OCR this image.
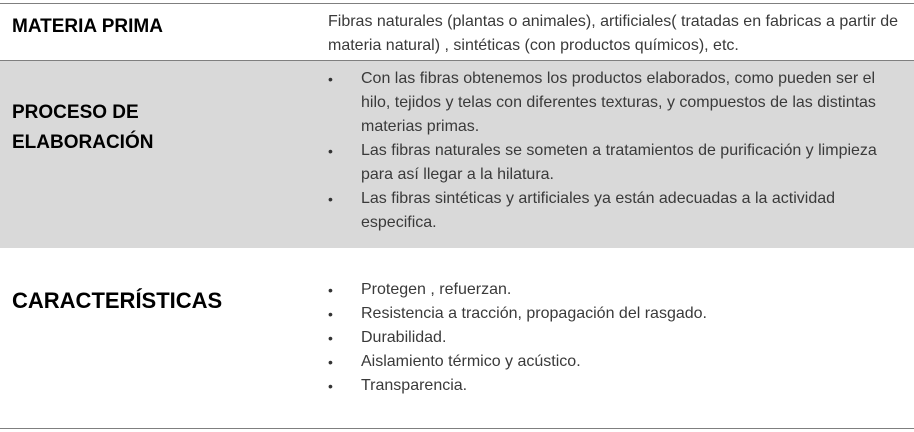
MATERIA PRIMA	Fibras naturales (plantas o animales), artificiales( tratadas en fabricas a partir de materia natural) , sintéticas (con productos químicos), etc.
PROCESO DE ELABORACIÓN
•	Con las fibras obtenemos los productos elaborados, como pueden ser el hilo, tejidos y telas con diferentes texturas, y compuestos de las distintas materias primas.
•	Las fibras naturales se someten a tratamientos de purificación y limpieza para así llegar a la hilatura.
•	Las fibras sintéticas y artificiales ya están adecuadas a la actividad especifica.
CARACTERÍSTICAS	•	Protegen , refuerzan.
•	Resistencia a tracción, propagación del rasgado.
•	Durabilidad.
•	Aislamiento térmico y acústico.
•	Transparencia.
